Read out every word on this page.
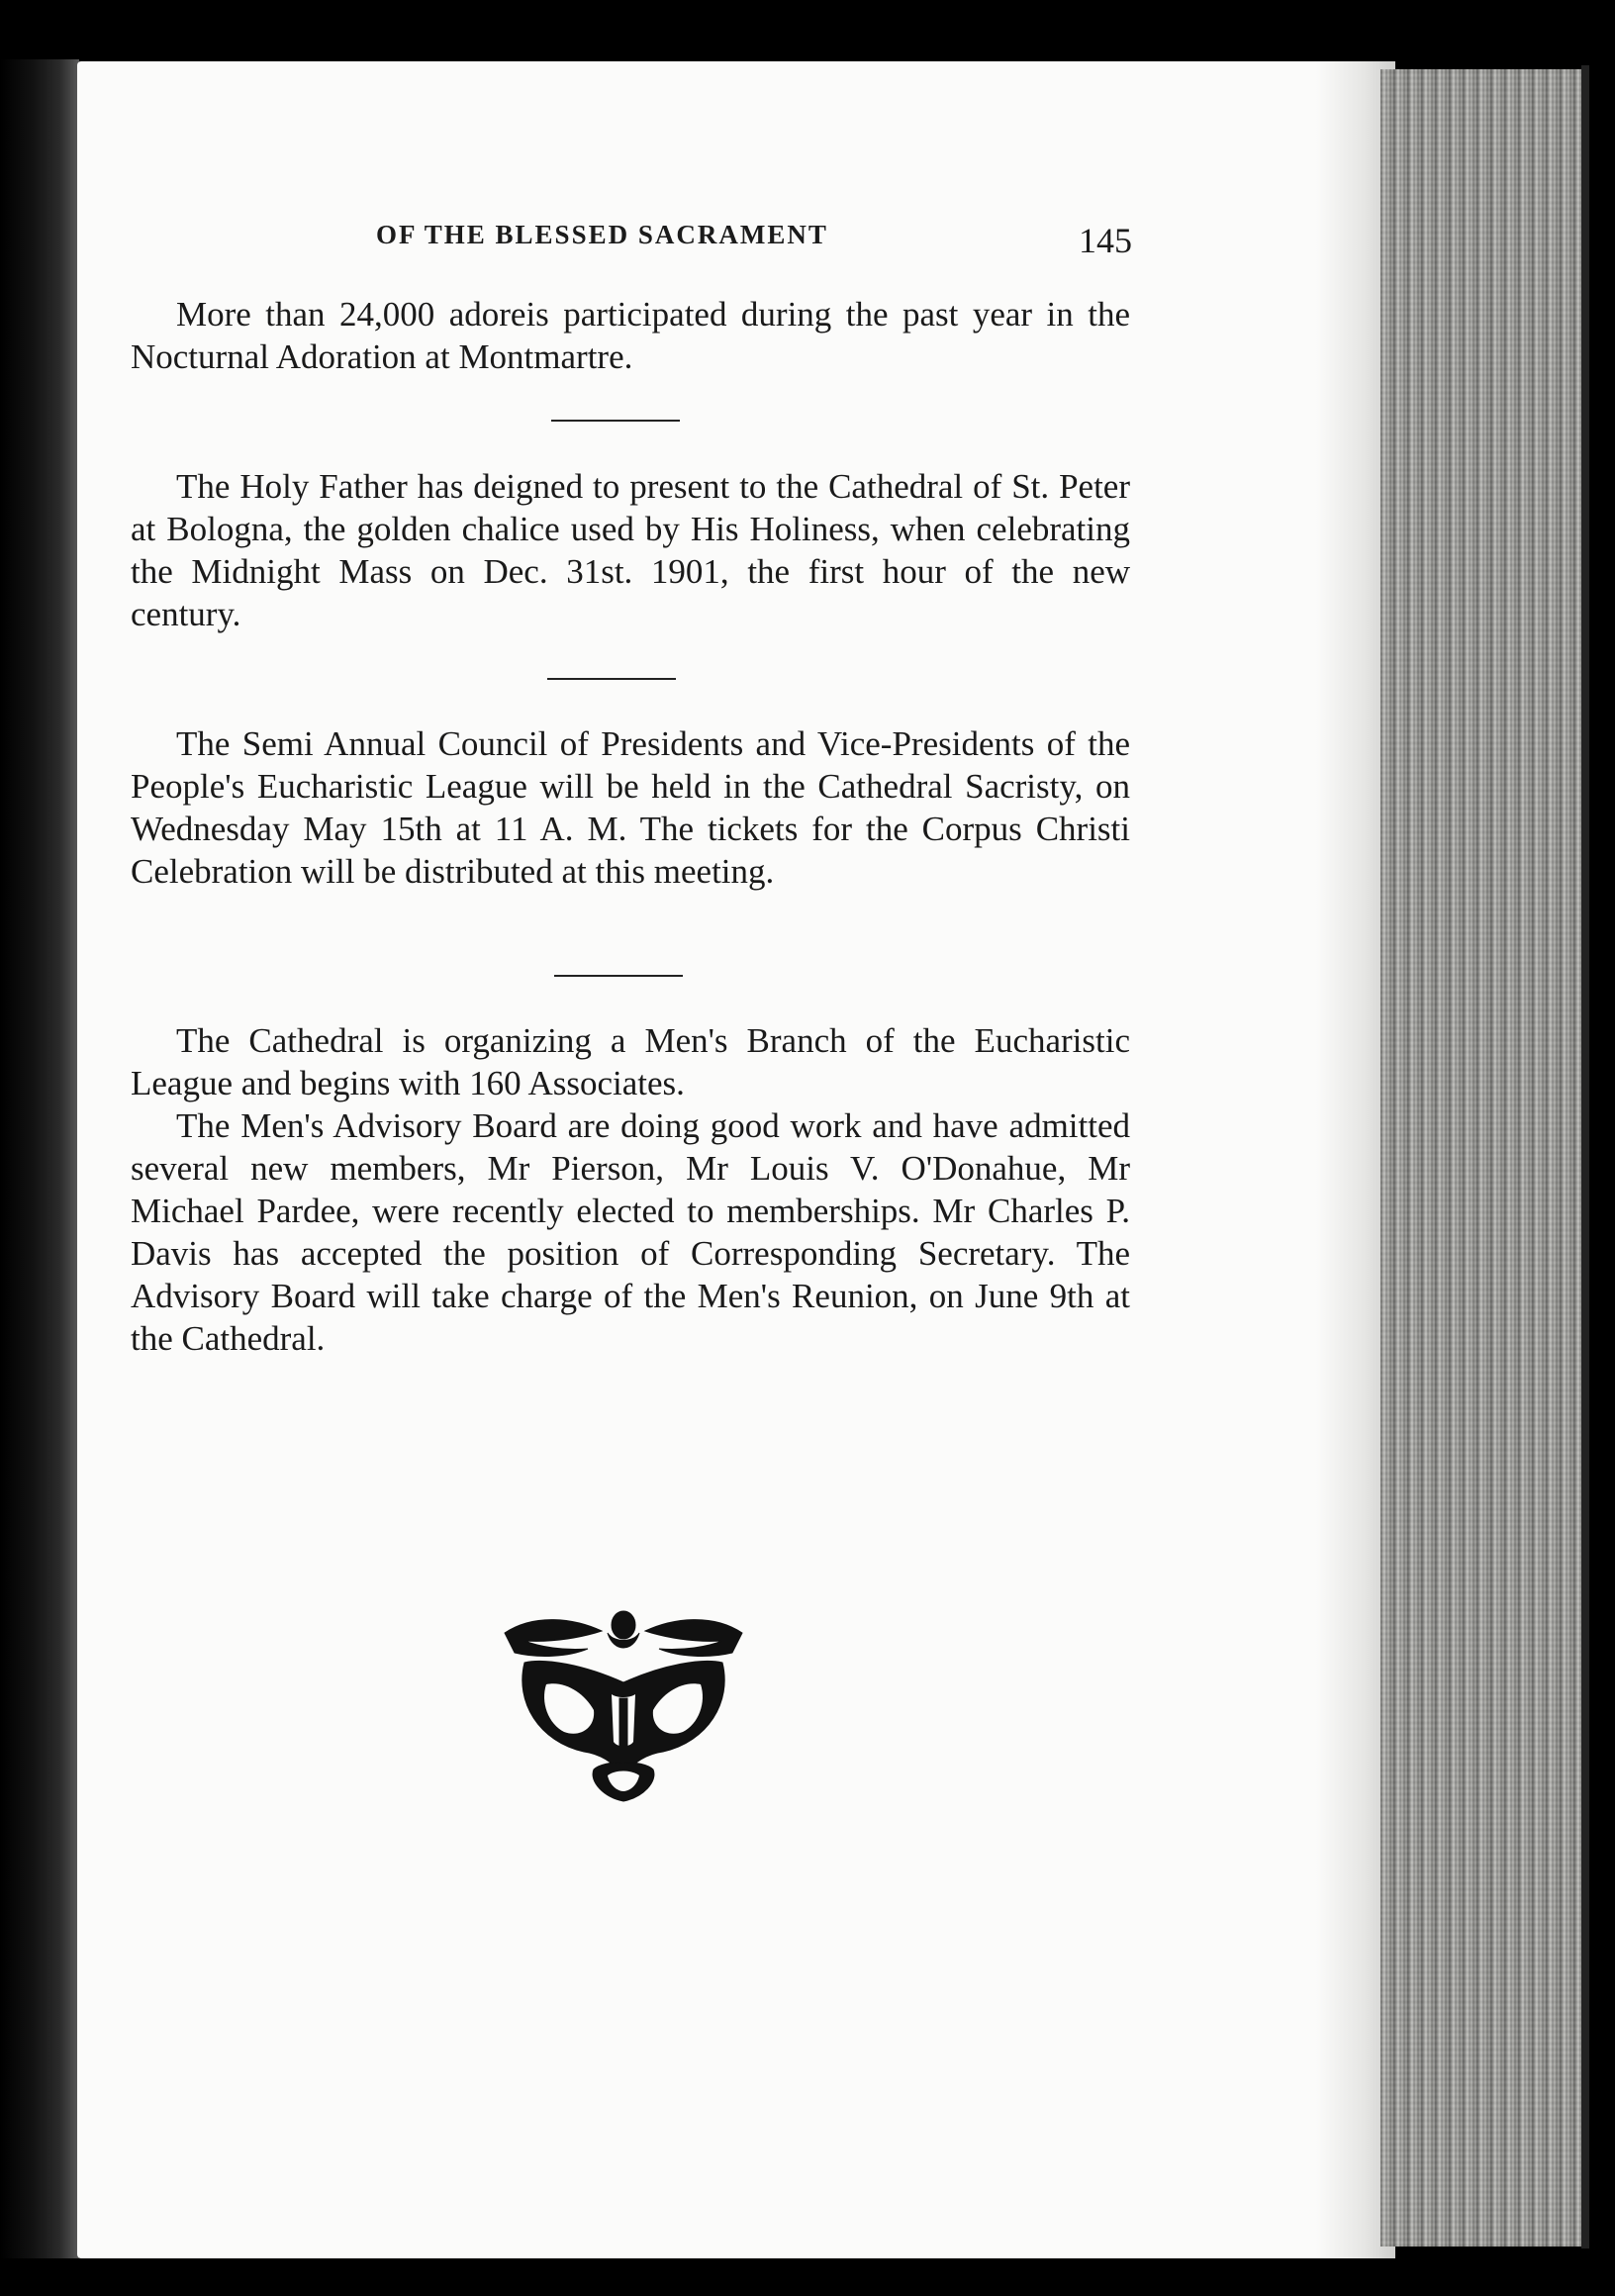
OF THE BLESSED SACRAMENT	145

More than 24,000 adoreis participated during the past year in the Nocturnal Adoration at Montmartre.

The Holy Father has deigned to present to the Cathedral of St. Peter at Bologna, the golden chalice used by His Holiness, when celebrating the Midnight Mass on Dec. 31st. 1901, the first hour of the new century.

The Semi Annual Council of Presidents and Vice-Presidents of the People's Eucharistic League will be held in the Cathedral Sacristy, on Wednesday May 15th at 11 A. M. The tickets for the Corpus Christi Celebration will be distributed at this meeting.

The Cathedral is organizing a Men's Branch of the Eucharistic League and begins with 160 Associates.

The Men's Advisory Board are doing good work and have admitted several new members, Mr Pierson, Mr Louis V. O'Donahue, Mr Michael Pardee, were recently elected to memberships. Mr Charles P. Davis has accepted the position of Corresponding Secretary. The Advisory Board will take charge of the Men's Reunion, on June 9th at the Cathedral.
